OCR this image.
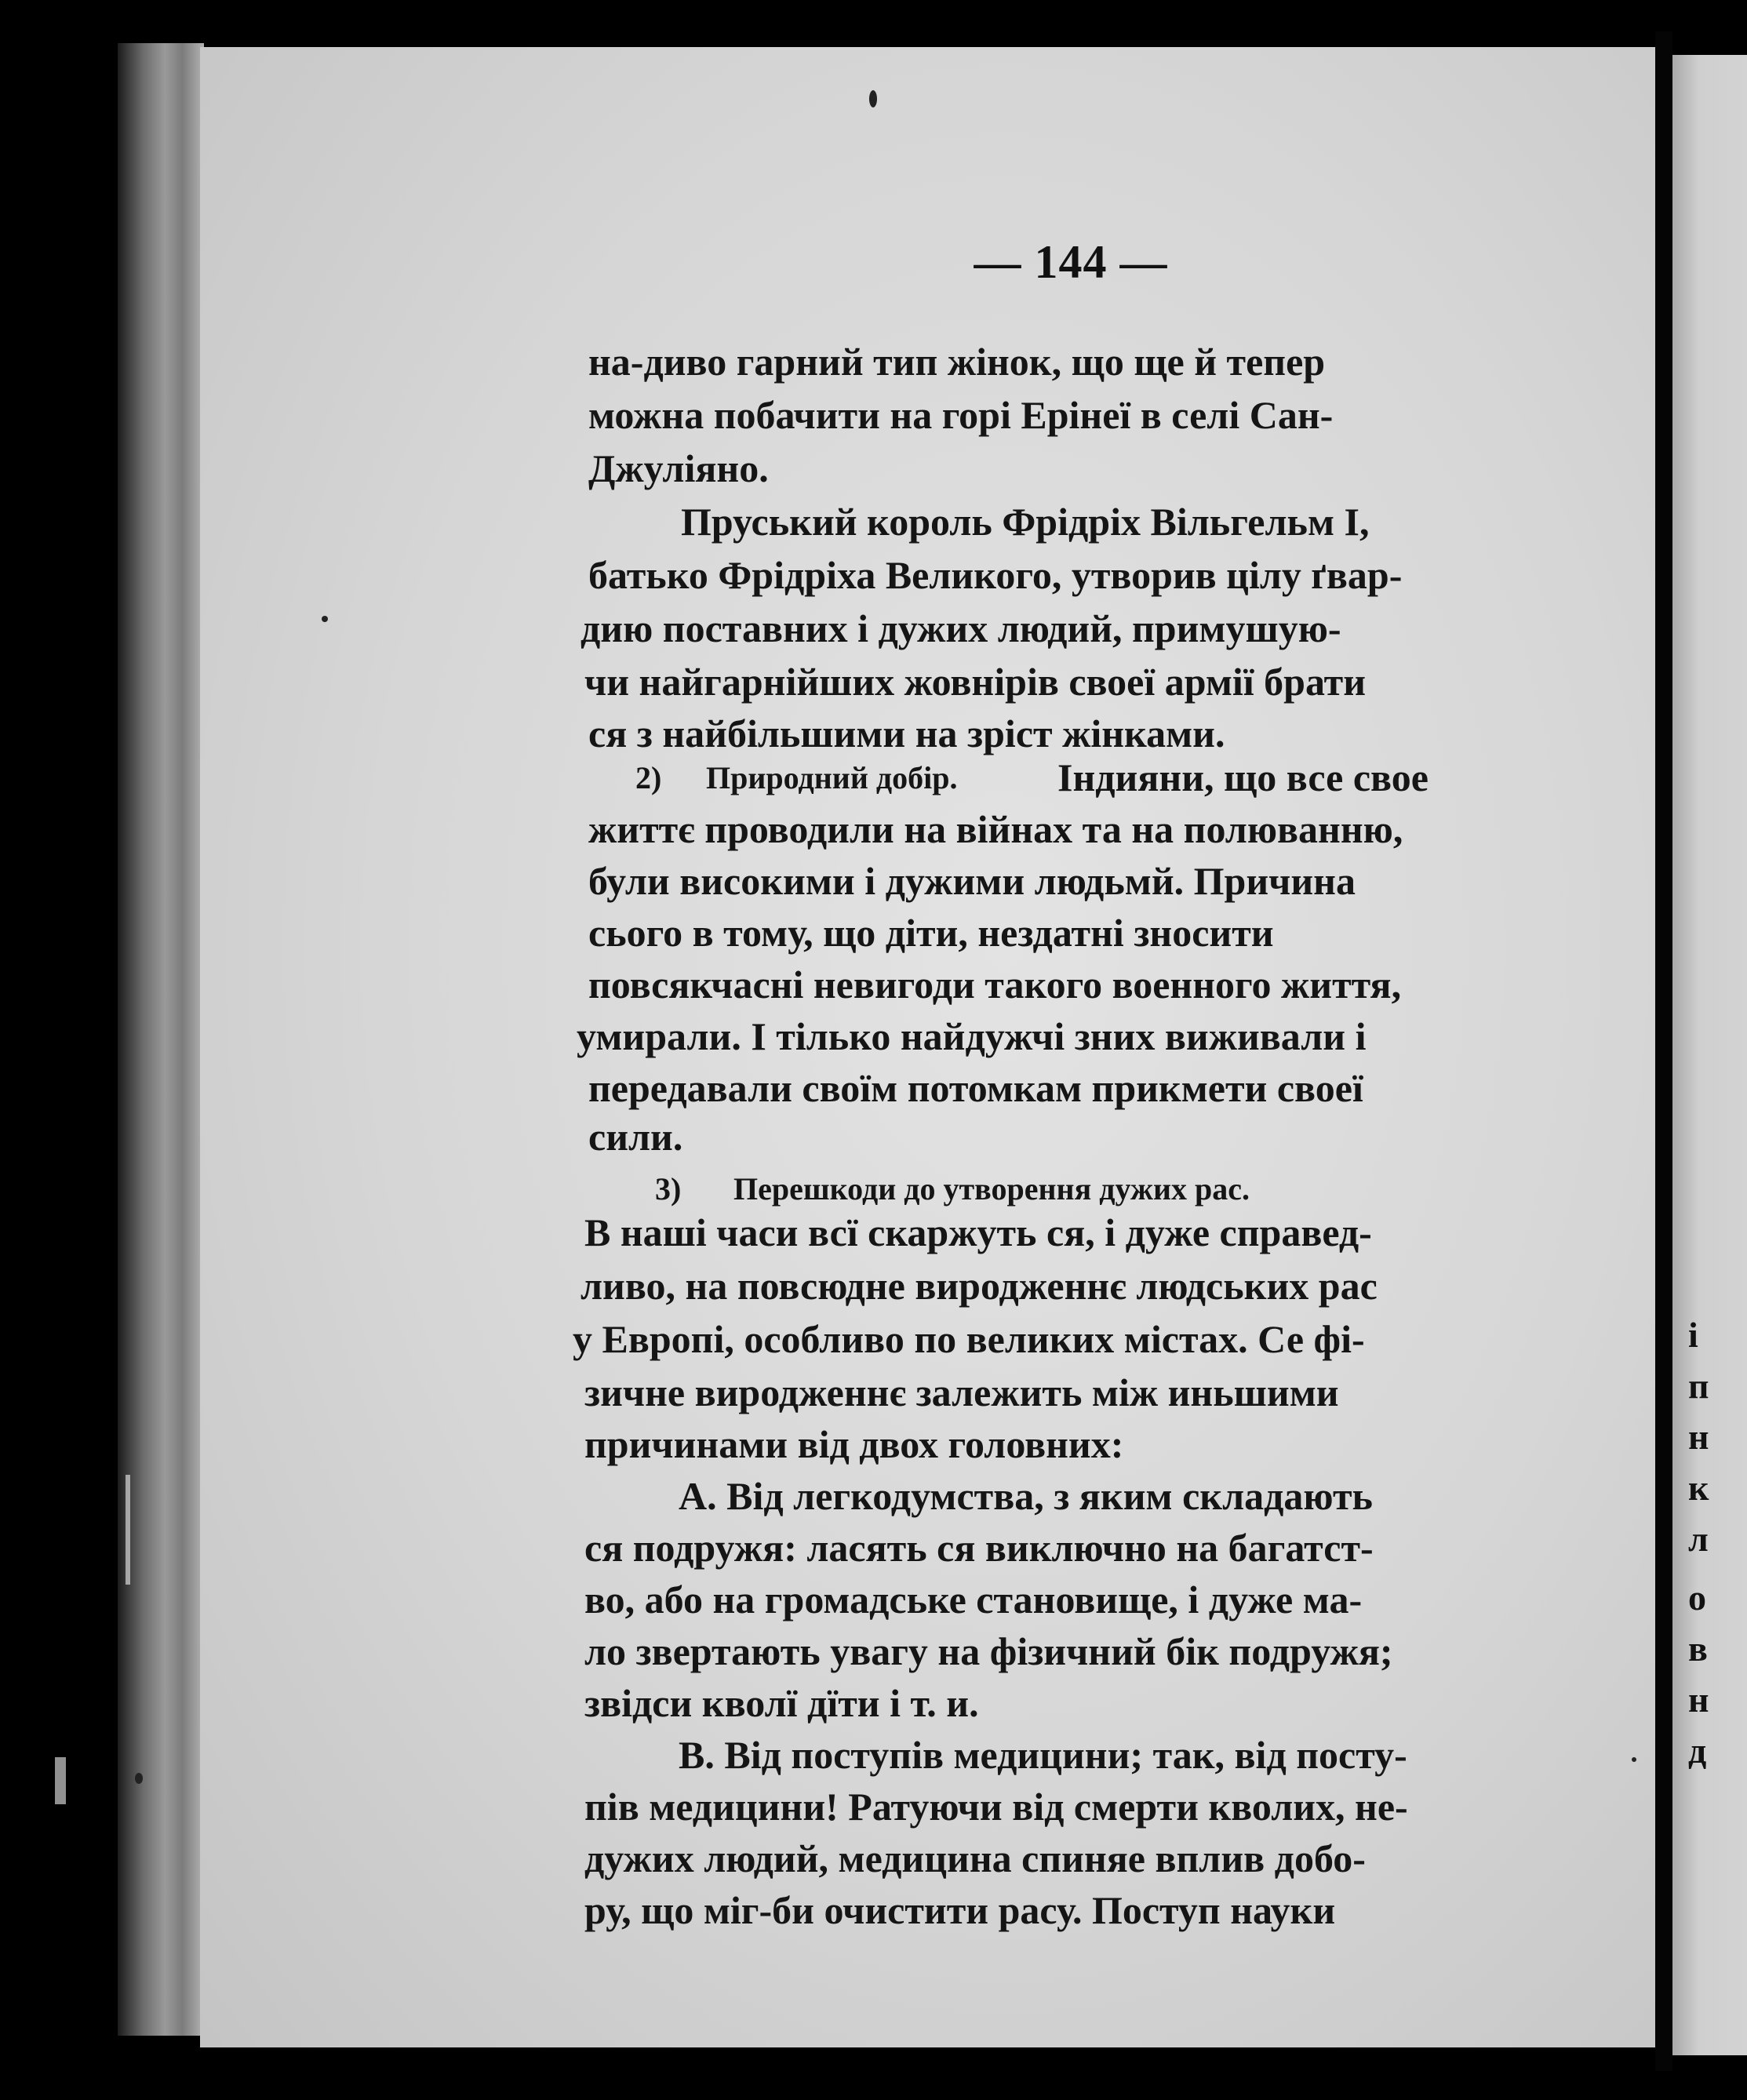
і
п
н
к
л
о
в
н
д
— 144 —
на-диво гарний тип жінок, що ще й тепер
можна побачити на горі Ерінеї в селі Сан-
Джуліяно.
Пруський король Фрідріх Вільгельм I,
батько Фрідріха Великого, утворив цілу ґвар-
дию поставних і дужих людий, примушую-
чи найгарнійших жовнірів своеї армії брати
ся з найбільшими на зріст жінками.
2) Природний добір.	Індияни, що все свое
життє проводили на війнах та на полюванню,
були високими і дужими людьмй. Причина
сього в тому, що діти, нездатні зносити
повсякчасні невигоди такого военного життя,
умирали. І тілько найдужчі зних виживали і
передавали своїм потомкам прикмети своеї
сили.
3) Перешкоди до утворення дужих рас.
В нашi часи всї скаржуть ся, і дуже справед-
ливо, на повсюдне виродженнє людських рас
у Европі, особливо по великих містах. Се фі-
зичне виродженнє залежить між иньшими
причинами від двох головних:
А. Від легкодумства, з яким складають
ся подружя: ласять ся виключно на багатст-
во, або на громадське становище, і дуже ма-
ло звертають увагу на фізичний бік подружя;
звідси кволї дїти і т. и.
В. Від поступів медицини; так, від посту-
пів медицини! Ратуючи від смерти кволих, не-
дужих людий, медицина спиняе вплив добо-
ру, що міг-би очистити расу. Поступ науки
